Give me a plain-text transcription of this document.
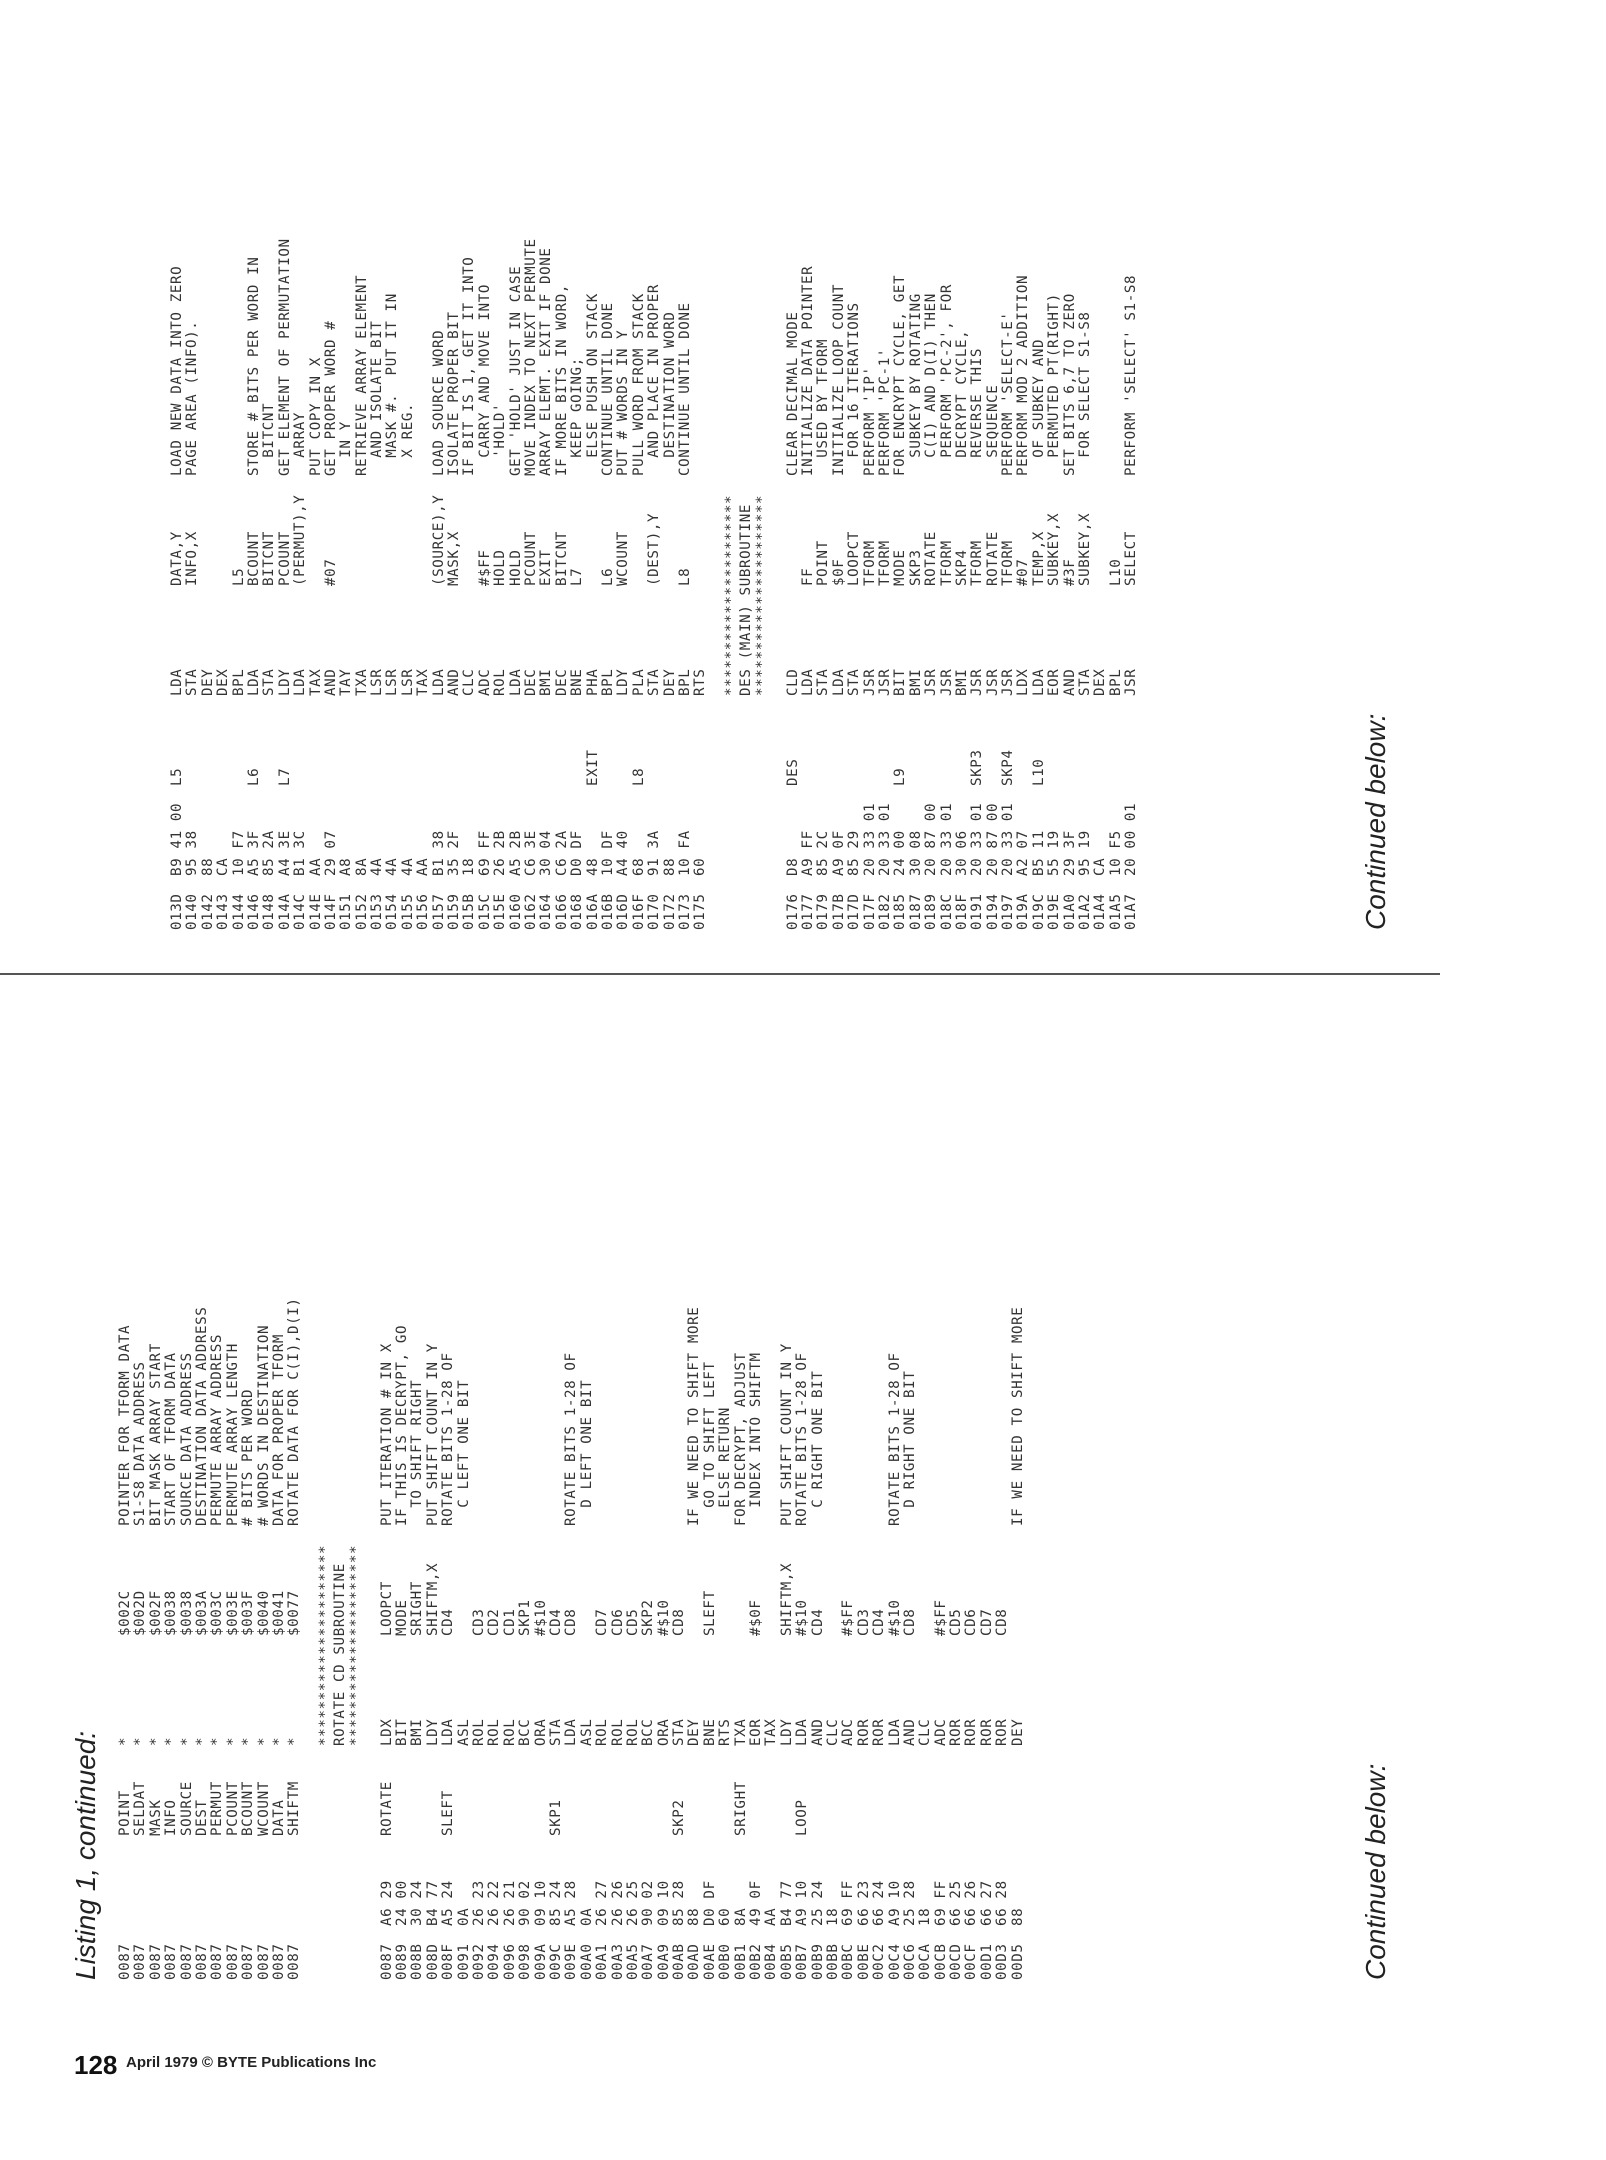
128 April 1979 © BYTE Publications Inc
Listing 1, continued: 0087POINT*$002CPOINTER FOR TFORM DATA
0087SELDAT*$002DS1-S8 DATA ADDRESS
0087MASK*$002FBIT MASK ARRAY START
0087INFO*$0038START OF TFORM DATA
0087SOURCE*$0038SOURCE DATA ADDRESS
0087DEST*$003ADESTINATION DATA ADDRESS
0087PERMUT*$003CPERMUTE ARRAY ADDRESS
0087PCOUNT*$003EPERMUTE ARRAY LENGTH
0087BCOUNT*$003F# BITS PER WORD
0087WCOUNT*$0040# WORDS IN DESTINATION
0087DATA*$0041DATA FOR PROPER TFORM
0087SHIFTM*$0077ROTATE DATA FOR C(I),D(I)
********************** ROTATE CD SUBROUTINE **********************
0087A6 29ROTATELDXLOOPCTPUT ITERATION # IN X
008924 00BITMODEIF THIS IS DECRYPT, GO
008B30 24BMISRIGHT  TO SHIFT RIGHT
008DB4 77LDYSHIFTM,XPUT SHIFT COUNT IN Y
008FA5 24SLEFTLDACD4ROTATE BITS 1-28 OF
00910AASL  C LEFT ONE BIT
009226 23ROLCD3
009426 22ROLCD2
009626 21ROLCD1
009890 02BCCSKP1
009A09 10ORA#$10
009C85 24SKP1STACD4
009EA5 28LDACD8ROTATE BITS 1-28 OF
00A00AASL  D LEFT ONE BIT
00A126 27ROLCD7
00A326 26ROLCD6
00A526 25ROLCD5
00A790 02BCCSKP2
00A909 10ORA#$10
00AB85 28SKP2STACD8
00AD88DEYIF WE NEED TO SHIFT MORE
00AED0 DFBNESLEFT  GO TO SHIFT LEFT
00B060RTS  ELSE RETURN
00B18ASRIGHTTXAFOR DECRYPT, ADJUST
00B249 0FEOR#$0F  INDEX INTO SHIFTM
00B4AATAX
00B5B4 77LDYSHIFTM,XPUT SHIFT COUNT IN Y
00B7A9 10LOOPLDA#$10ROTATE BITS 1-28 OF
00B925 24ANDCD4  C RIGHT ONE BIT
00BB18CLC
00BC69 FFADC#$FF
00BE66 23RORCD3
00C266 24RORCD4
00C4A9 10LDA#$10ROTATE BITS 1-28 OF
00C625 28ANDCD8  D RIGHT ONE BIT
00CA18CLC
00CB69 FFADC#$FF
00CD66 25RORCD5
00CF66 26RORCD6
00D166 27RORCD7
00D366 28RORCD8
00D588DEYIF WE NEED TO SHIFT MORE
Continued below:
013DB9 41 00L5LDADATA,YLOAD NEW DATA INTO ZERO
014095 38STAINFO,XPAGE AREA (INFO).
014288DEY
0143CADEX
014410 F7BPLL5
0146A5 3FL6LDABCOUNTSTORE # BITS PER WORD IN
014885 2ASTABITCNT  BITCNT
014AA4 3EL7LDYPCOUNTGET ELEMENT OF PERMUTATION
014CB1 3CLDA(PERMUT),Y  ARRAY
014EAATAXPUT COPY IN X
014F29 07AND#07GET PROPER WORD #
0151A8TAY  IN Y
01528ATXARETRIEVE ARRAY ELEMENT
01534ALSR  AND ISOLATE BIT
01544ALSR  MASK #.  PUT IT IN
01554ALSR  X REG.
0156AATAX
0157B1 38LDA(SOURCE),YLOAD SOURCE WORD
015935 2FANDMASK,XISOLATE PROPER BIT
015B18CLCIF BIT IS 1, GET IT INTO
015C69 FFADC#$FF  CARRY AND MOVE INTO
015E26 2BROLHOLD  'HOLD'
0160A5 2BLDAHOLDGET 'HOLD' JUST IN CASE
0162C6 3EDECPCOUNTMOVE INDEX TO NEXT PERMUTE
016430 04BMIEXITARRAY ELEMT. EXIT IF DONE
0166C6 2ADECBITCNTIF MORE BITS IN WORD,
0168D0 DFBNEL7  KEEP GOING;
016A48EXITPHA  ELSE PUSH ON STACK
016B10 DFBPLL6CONTINUE UNTIL DONE
016DA4 40LDYWCOUNTPUT # WORDS IN Y
016F68L8PLAPULL WORD FROM STACK
017091 3ASTA(DEST),Y  AND PLACE IN PROPER
017288DEY  DESTINATION WORD
017310 FABPLL8CONTINUE UNTIL DONE
017560RTS ********************** DES (MAIN) SUBROUTINE **********************
0176D8DESCLDCLEAR DECIMAL MODE
0177A9 FFLDAFFINITIALIZE DATA POINTER
017985 2CSTAPOINT  USED BY TFORM
017BA9 0FLDA$0FINITIALIZE LOOP COUNT
017D85 29STALOOPCT  FOR 16 ITERATIONS
017F20 33 01JSRTFORMPERFORM 'IP'
018220 33 01JSRTFORMPERFORM 'PC-1'
018524 00L9BITMODEFOR ENCRYPT CYCLE, GET
018730 08BMISKP3  SUBKEY BY ROTATING
018920 87 00JSRROTATE  C(I) AND D(I) THEN
018C20 33 01JSRTFORM  PERFORM 'PC-2', FOR
018F30 06BMISKP4  DECRYPT CYCLE,
019120 33 01SKP3JSRTFORM  REVERSE THIS
019420 87 00JSRROTATE  SEQUENCE
019720 33 01SKP4JSRTFORMPERFORM 'SELECT-E'
019AA2 07LDX#07PERFORM MOD 2 ADDITION
019CB5 11L10LDATEMP,X  OF SUBKEY AND
019E55 19EORSUBKEY,X  PERMUTED PT(RIGHT)
01A029 3FAND#3FSET BITS 6,7 TO ZERO
01A295 19STASUBKEY,X  FOR SELECT S1-S8
01A4CADEX
01A510 F5BPLL10
01A720 00 01JSRSELECTPERFORM 'SELECT' S1-S8
Continued below:
